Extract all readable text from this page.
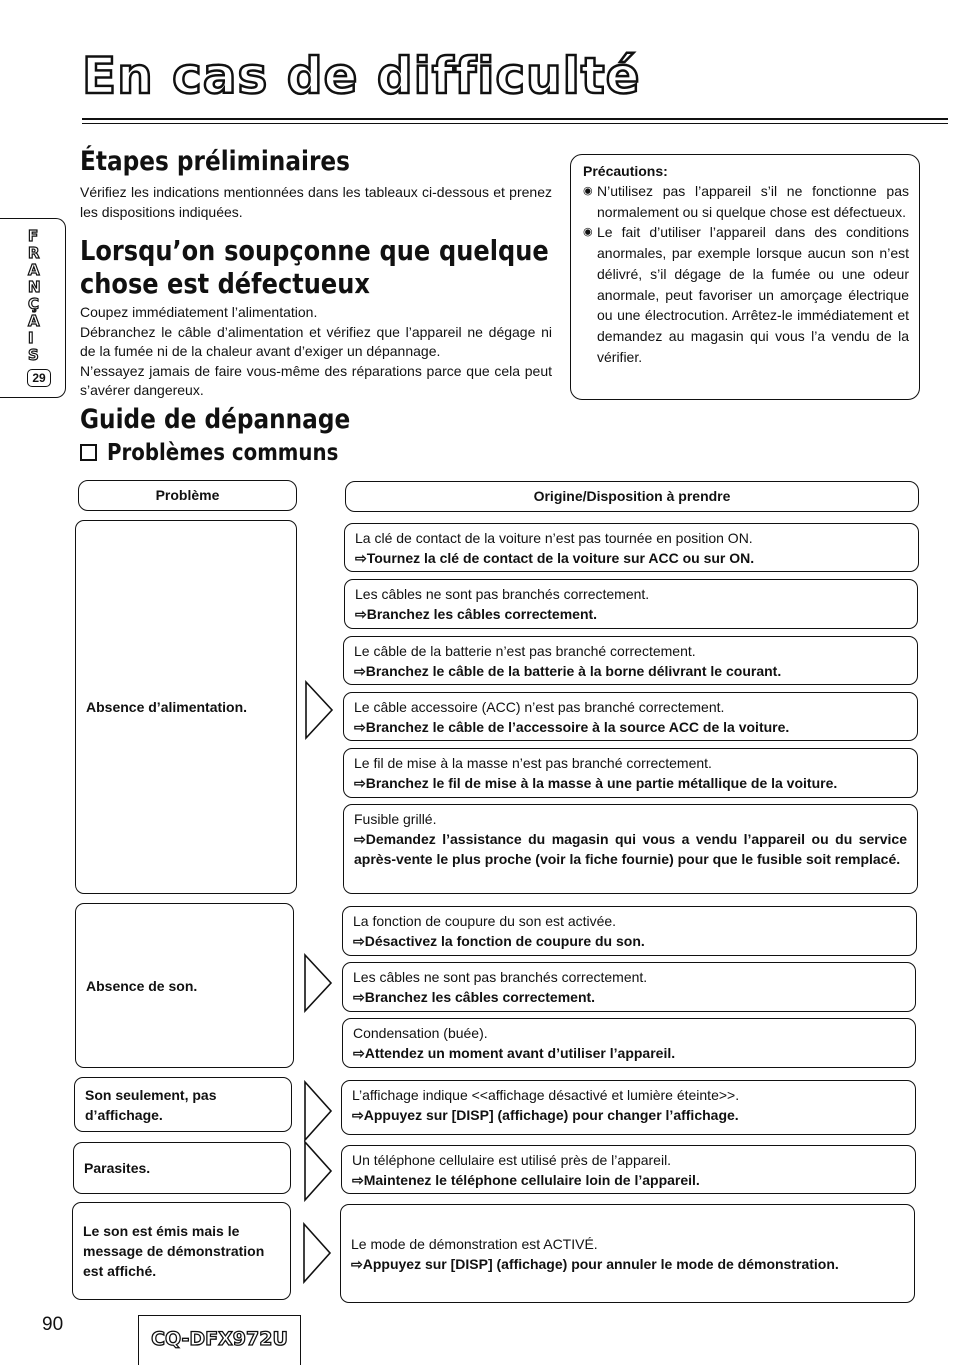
En cas de difficulté
F
R
A
N
Ç
A
I
S
29
Étapes préliminaires
Vérifiez les indications mentionnées dans les tableaux ci-dessous et prenez les dispositions indiquées.
Lorsqu’on soupçonne que quelque chose est défectueux
Coupez immédiatement l’alimentation.
Débranchez le câble d’alimentation et vérifiez que l’appareil ne dégage ni de la fumée ni de la chaleur avant d’exiger un dépannage.
N’essayez jamais de faire vous-même des réparations parce que cela peut s’avérer dangereux.
Guide de dépannage
Problèmes communs
Précautions:
◉ N’utilisez pas l’appareil s’il ne fonctionne pas normalement ou si quelque chose est défectueux.
◉ Le fait d’utiliser l’appareil dans des conditions anormales, par exemple lorsque aucun son n’est délivré, s’il dégage de la fumée ou une odeur anormale, peut favoriser un amorçage électrique ou une électrocution. Arrêtez-le immédiatement et demandez au magasin qui vous l’a vendu de la vérifier.
Problème	Origine/Disposition à prendre
Absence d’alimentation.
Absence de son.
Son seulement, pas d’affichage.
Parasites.
Le son est émis mais le message de démonstration est affiché.
La clé de contact de la voiture n’est pas tournée en position ON.
⇨Tournez la clé de contact de la voiture sur ACC ou sur ON.
Les câbles ne sont pas branchés correctement.
⇨Branchez les câbles correctement.
Le câble de la batterie n’est pas branché correctement.
⇨Branchez le câble de la batterie à la borne délivrant le courant.
Le câble accessoire (ACC) n’est pas branché correctement.
⇨Branchez le câble de l’accessoire à la source ACC de la voiture.
Le fil de mise à la masse n’est pas branché correctement.
⇨Branchez le fil de mise à la masse à une partie métallique de la voiture.
Fusible grillé.
⇨Demandez l’assistance du magasin qui vous a vendu l’appareil ou du service après-vente le plus proche (voir la fiche fournie) pour que le fusible soit remplacé.
La fonction de coupure du son est activée.
⇨Désactivez la fonction de coupure du son.
Les câbles ne sont pas branchés correctement.
⇨Branchez les câbles correctement.
Condensation (buée).
⇨Attendez un moment avant d’utiliser l’appareil.
L’affichage indique <<affichage désactivé et lumière éteinte>>.
⇨Appuyez sur [DISP] (affichage) pour changer l’affichage.
Un téléphone cellulaire est utilisé près de l’appareil.
⇨Maintenez le téléphone cellulaire loin de l’appareil.
Le mode de démonstration est ACTIVÉ.
⇨Appuyez sur [DISP] (affichage) pour annuler le mode de démonstration.
90
CQ-DFX972U
